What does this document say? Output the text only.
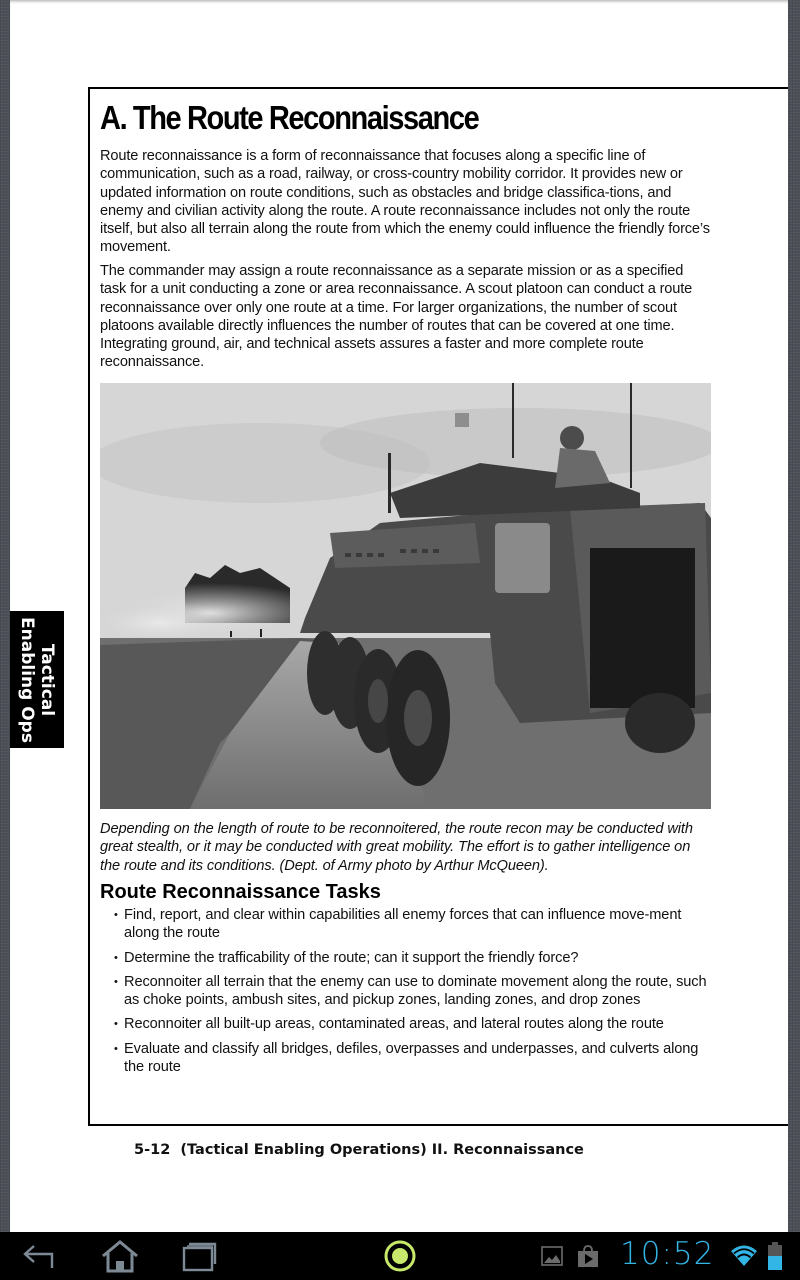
Tactical
Enabling Ops
A. The Route Reconnaissance

Route reconnaissance is a form of reconnaissance that focuses along a specific line of communication, such as a road, railway, or cross-country mobility corridor. It provides new or updated information on route conditions, such as obstacles and bridge classifica-tions, and enemy and civilian activity along the route. A route reconnaissance includes not only the route itself, but also all terrain along the route from which the enemy could influence the friendly force’s movement.

The commander may assign a route reconnaissance as a separate mission or as a specified task for a unit conducting a zone or area reconnaissance. A scout platoon can conduct a route reconnaissance over only one route at a time. For larger organizations, the number of scout platoons available directly influences the number of routes that can be covered at one time. Integrating ground, air, and technical assets assures a faster and more complete route reconnaissance.

Depending on the length of route to be reconnoitered, the route recon may be conducted with great stealth, or it may be conducted with great mobility. The effort is to gather intelligence on the route and its conditions. (Dept. of Army photo by Arthur McQueen).

Route Reconnaissance Tasks
• Find, report, and clear within capabilities all enemy forces that can influence move-ment along the route
• Determine the trafficability of the route; can it support the friendly force?
• Reconnoiter all terrain that the enemy can use to dominate movement along the route, such as choke points, ambush sites, and pickup zones, landing zones, and drop zones
• Reconnoiter all built-up areas, contaminated areas, and lateral routes along the route
• Evaluate and classify all bridges, defiles, overpasses and underpasses, and culverts along the route
5-12 (Tactical Enabling Operations) II. Reconnaissance
10:52
